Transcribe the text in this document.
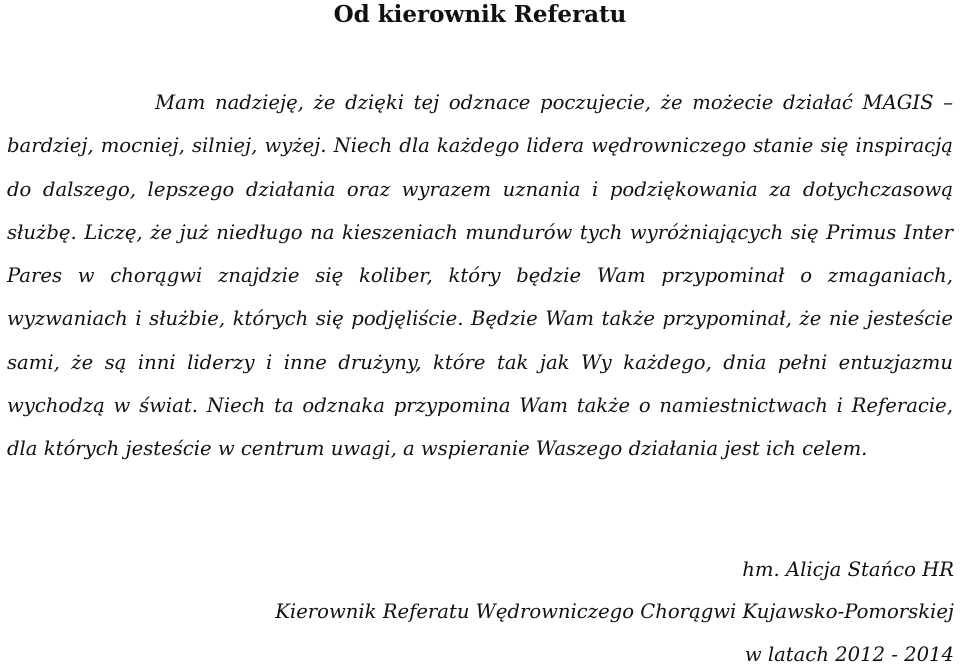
Od kierownik Referatu

Mam nadzieję, że dzięki tej odznace poczujecie, że możecie działać MAGIS – bardziej, mocniej, silniej, wyżej. Niech dla każdego lidera wędrowniczego stanie się inspiracją do dalszego, lepszego działania oraz wyrazem uznania i podziękowania za dotychczasową służbę. Liczę, że już niedługo na kieszeniach mundurów tych wyróżniających się Primus Inter Pares w chorągwi znajdzie się koliber, który będzie Wam przypominał o zmaganiach, wyzwaniach i służbie, których się podjęliście. Będzie Wam także przypominał, że nie jesteście sami, że są inni liderzy i inne drużyny, które tak jak Wy każdego, dnia pełni entuzjazmu wychodzą w świat. Niech ta odznaka przypomina Wam także o namiestnictwach i Referacie, dla których jesteście w centrum uwagi, a wspieranie Waszego działania jest ich celem.

hm. Alicja Stańco HR

Kierownik Referatu Wędrowniczego Chorągwi Kujawsko-Pomorskiej

w latach 2012 - 2014
